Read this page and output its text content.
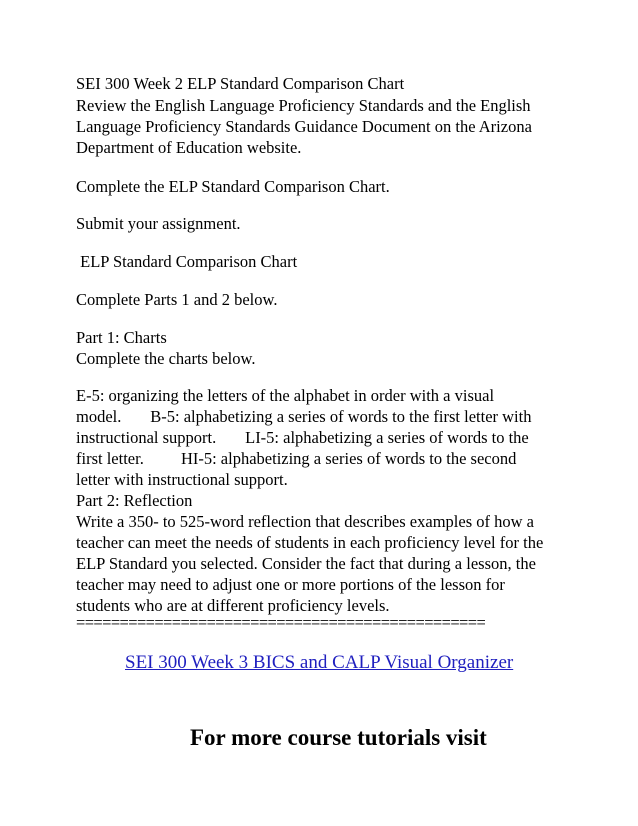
SEI 300 Week 2 ELP Standard Comparison Chart
Review the English Language Proficiency Standards and the English
Language Proficiency Standards Guidance Document on the Arizona
Department of Education website.
Complete the ELP Standard Comparison Chart.
Submit your assignment.
ELP Standard Comparison Chart
Complete Parts 1 and 2 below.
Part 1: Charts
Complete the charts below.
E-5: organizing the letters of the alphabet in order with a visual
model.       B-5: alphabetizing a series of words to the first letter with
instructional support.       LI-5: alphabetizing a series of words to the
first letter.         HI-5: alphabetizing a series of words to the second
letter with instructional support.
Part 2: Reflection
Write a 350- to 525-word reflection that describes examples of how a
teacher can meet the needs of students in each proficiency level for the
ELP Standard you selected. Consider the fact that during a lesson, the
teacher may need to adjust one or more portions of the lesson for
students who are at different proficiency levels.
===============================================
SEI 300 Week 3 BICS and CALP Visual Organizer
For more course tutorials visit
